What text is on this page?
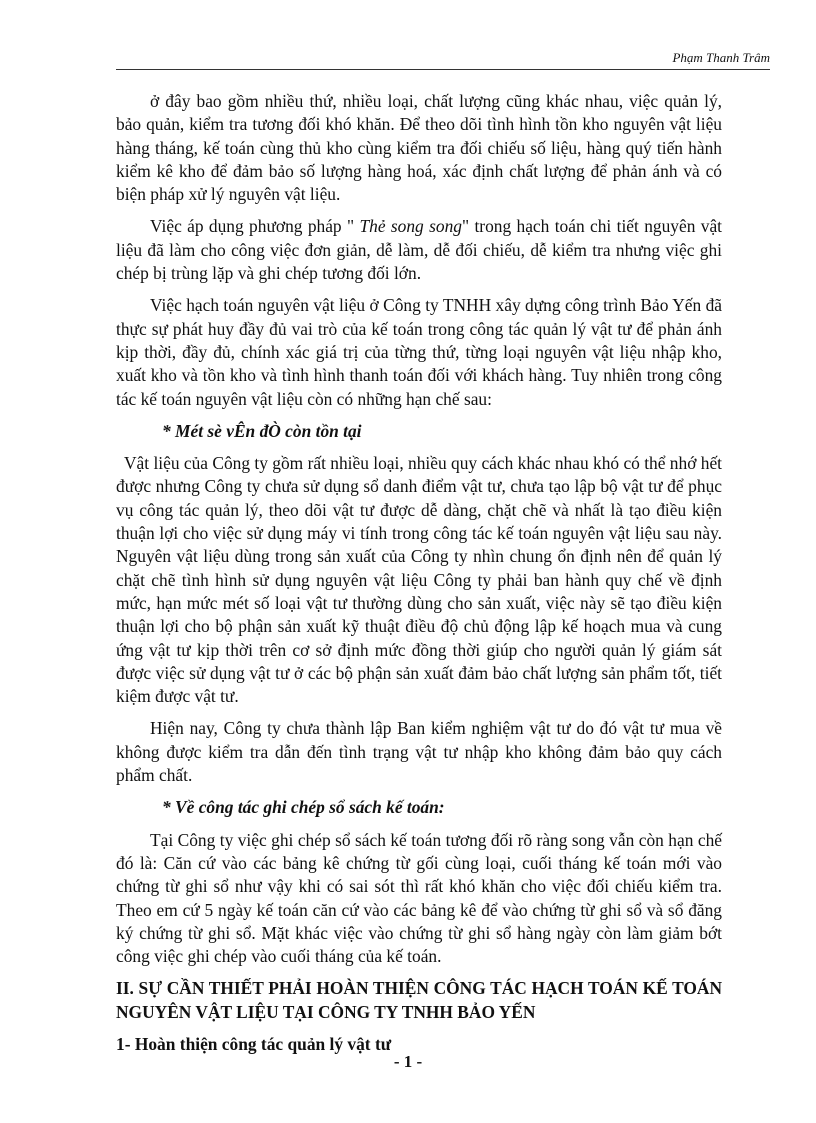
Phạm Thanh Trâm

ở đây bao gồm nhiều thứ, nhiều loại, chất lượng cũng khác nhau, việc quản lý, bảo quản, kiểm tra tương đối khó khăn. Để theo dõi tình hình tồn kho nguyên vật liệu hàng tháng, kế toán cùng thủ kho cùng kiểm tra đối chiếu số liệu, hàng quý tiến hành kiểm kê kho để đảm bảo số lượng hàng hoá, xác định chất lượng để phản ánh và có biện pháp xử lý nguyên vật liệu.

Việc áp dụng phương pháp " Thẻ song song" trong hạch toán chi tiết nguyên vật liệu đã làm cho công việc đơn giản, dễ làm, dễ đối chiếu, dễ kiểm tra nhưng việc ghi chép bị trùng lặp và ghi chép tương đối lớn.

Việc hạch toán nguyên vật liệu ở Công ty TNHH xây dựng công trình Bảo Yến đã thực sự phát huy đầy đủ vai trò của kế toán trong công tác quản lý vật tư để phản ánh kịp thời, đầy đủ, chính xác giá trị của từng thứ, từng loại nguyên vật liệu nhập kho, xuất kho và tồn kho và tình hình thanh toán đối với khách hàng. Tuy nhiên trong công tác kế toán nguyên vật liệu còn có những hạn chế sau:

* Mét sè vÊn đÒ còn tồn tại

Vật liệu của Công ty gồm rất nhiều loại, nhiều quy cách khác nhau khó có thể nhớ hết được nhưng Công ty chưa sử dụng sổ danh điểm vật tư, chưa tạo lập bộ vật tư để phục vụ công tác quản lý, theo dõi vật tư được dễ dàng, chặt chẽ và nhất là tạo điều kiện thuận lợi cho việc sử dụng máy vi tính trong công tác kế toán nguyên vật liệu sau này. Nguyên vật liệu dùng trong sản xuất của Công ty nhìn chung ổn định nên để quản lý chặt chẽ tình hình sử dụng nguyên vật liệu Công ty phải ban hành quy chế về định mức, hạn mức mét số loại vật tư thường dùng cho sản xuất, việc này sẽ tạo điều kiện thuận lợi cho bộ phận sản xuất kỹ thuật điều độ chủ động lập kế hoạch mua và cung ứng vật tư kịp thời trên cơ sở định mức đồng thời giúp cho người quản lý giám sát được việc sử dụng vật tư ở các bộ phận sản xuất đảm bảo chất lượng sản phẩm tốt, tiết kiệm được vật tư.

Hiện nay, Công ty chưa thành lập Ban kiểm nghiệm vật tư do đó vật tư mua về không được kiểm tra dẫn đến tình trạng vật tư nhập kho không đảm bảo quy cách phẩm chất.

* Về công tác ghi chép sổ sách kế toán:

Tại Công ty việc ghi chép sổ sách kế toán tương đối rõ ràng song vẫn còn hạn chế đó là: Căn cứ vào các bảng kê chứng từ gối cùng loại, cuối tháng kế toán mới vào chứng từ ghi sổ như vậy khi có sai sót thì rất khó khăn cho việc đối chiếu kiểm tra. Theo em cứ 5 ngày kế toán căn cứ vào các bảng kê để vào chứng từ ghi sổ và sổ đăng ký chứng từ ghi sổ. Mặt khác việc vào chứng từ ghi sổ hàng ngày còn làm giảm bớt công việc ghi chép vào cuối tháng của kế toán.

II. SỰ CẦN THIẾT PHẢI HOÀN THIỆN CÔNG TÁC HẠCH TOÁN KẾ TOÁN NGUYÊN VẬT LIỆU TẠI CÔNG TY TNHH BẢO YẾN
1- Hoàn thiện công tác quản lý vật tư
- 1 -
